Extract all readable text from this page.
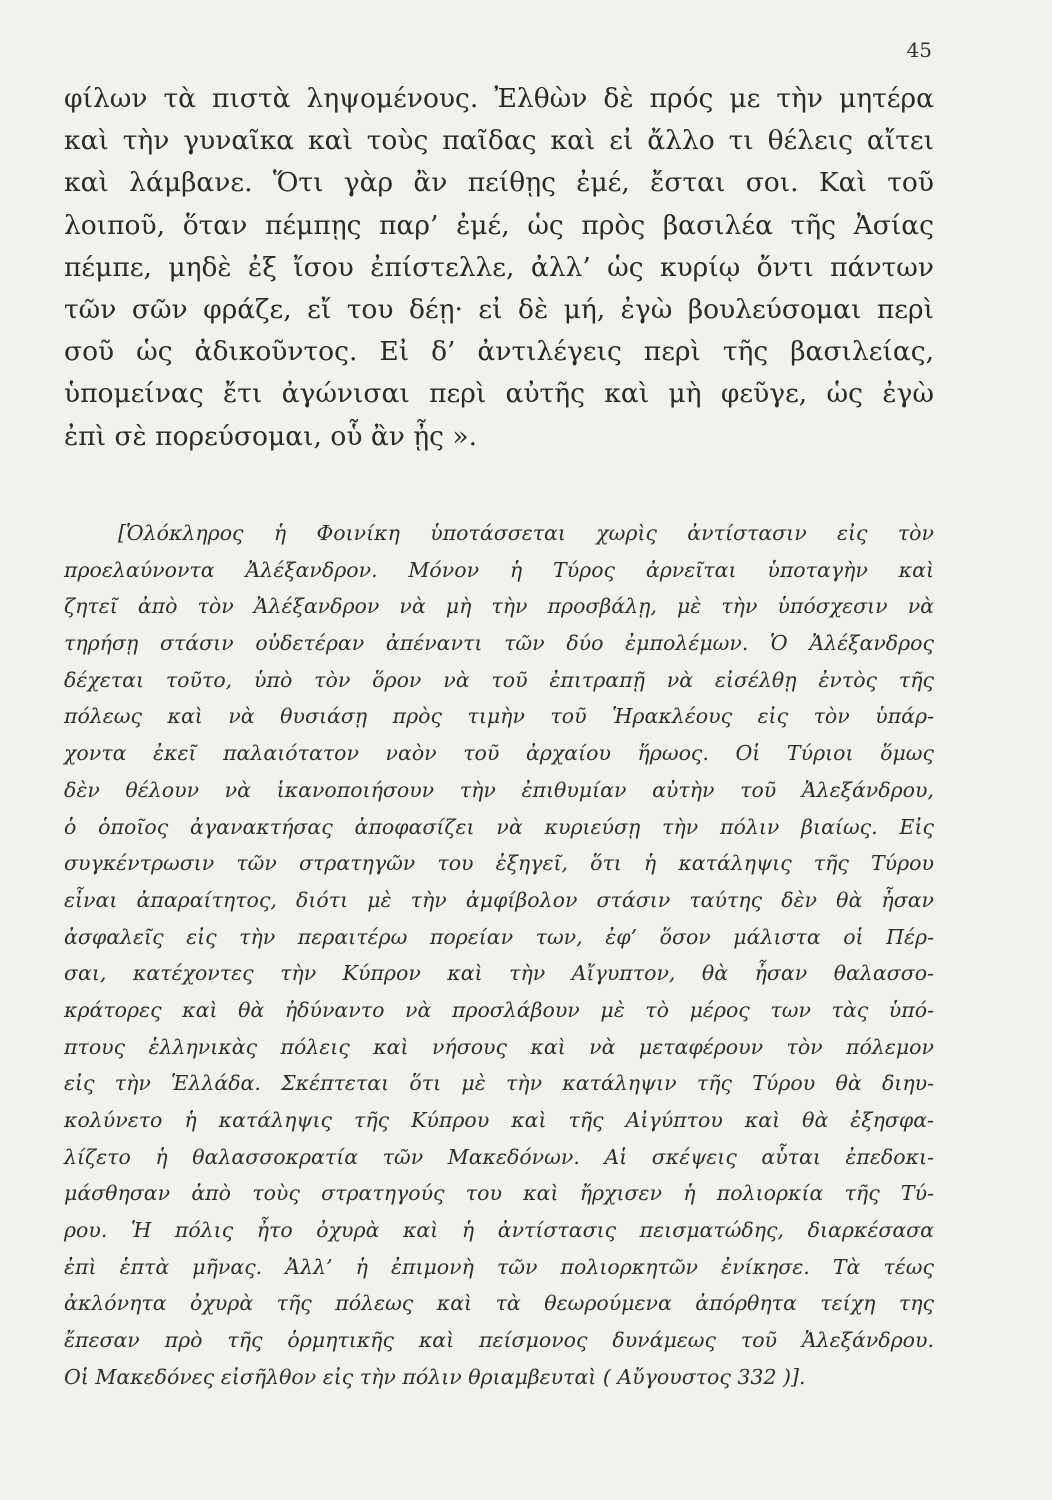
45
φίλων τὰ πιστὰ ληψομένους. Ἐλθὼν δὲ πρός με τὴν μητέρα
καὶ τὴν γυναῖκα καὶ τοὺς παῖδας καὶ εἰ ἄλλο τι θέλεις αἴτει
καὶ λάμβανε. Ὅτι γὰρ ἂν πείθῃς ἐμέ, ἔσται σοι. Καὶ τοῦ
λοιποῦ, ὅταν πέμπῃς παρ’ ἐμέ, ὡς πρὸς βασιλέα τῆς Ἀσίας
πέμπε, μηδὲ ἐξ ἴσου ἐπίστελλε, ἀλλ’ ὡς κυρίῳ ὄντι πάντων
τῶν σῶν φράζε, εἴ του δέῃ· εἰ δὲ μή, ἐγὼ βουλεύσομαι περὶ
σοῦ ὡς ἀδικοῦντος. Εἰ δ’ ἀντιλέγεις περὶ τῆς βασιλείας,
ὑπομείνας ἔτι ἀγώνισαι περὶ αὐτῆς καὶ μὴ φεῦγε, ὡς ἐγὼ
ἐπὶ σὲ πορεύσομαι, οὗ ἂν ᾖς ».
[Ὁλόκληρος ἡ Φοινίκη ὑποτάσσεται χωρὶς ἀντίστασιν εἰς τὸν
προελαύνοντα Ἀλέξανδρον. Μόνον ἡ Τύρος ἀρνεῖται ὑποταγὴν καὶ
ζητεῖ ἀπὸ τὸν Ἀλέξανδρον νὰ μὴ τὴν προσβάλῃ, μὲ τὴν ὑπόσχεσιν νὰ
τηρήσῃ στάσιν οὐδετέραν ἀπέναντι τῶν δύο ἐμπολέμων. Ὁ Ἀλέξανδρος
δέχεται τοῦτο, ὑπὸ τὸν ὅρον νὰ τοῦ ἐπιτραπῇ νὰ εἰσέλθῃ ἐντὸς τῆς
πόλεως καὶ νὰ θυσιάσῃ πρὸς τιμὴν τοῦ Ἡρακλέους εἰς τὸν ὑπάρ-
χοντα ἐκεῖ παλαιότατον ναὸν τοῦ ἀρχαίου ἥρωος. Οἱ Τύριοι ὅμως
δὲν θέλουν νὰ ἱκανοποιήσουν τὴν ἐπιθυμίαν αὐτὴν τοῦ Ἀλεξάνδρου,
ὁ ὁποῖος ἀγανακτήσας ἀποφασίζει νὰ κυριεύσῃ τὴν πόλιν βιαίως. Εἰς
συγκέντρωσιν τῶν στρατηγῶν του ἐξηγεῖ, ὅτι ἡ κατάληψις τῆς Τύρου
εἶναι ἀπαραίτητος, διότι μὲ τὴν ἀμφίβολον στάσιν ταύτης δὲν θὰ ἦσαν
ἀσφαλεῖς εἰς τὴν περαιτέρω πορείαν των, ἐφ’ ὅσον μάλιστα οἱ Πέρ-
σαι, κατέχοντες τὴν Κύπρον καὶ τὴν Αἴγυπτον, θὰ ἦσαν θαλασσο-
κράτορες καὶ θὰ ἠδύναντο νὰ προσλάβουν μὲ τὸ μέρος των τὰς ὑπό-
πτους ἑλληνικὰς πόλεις καὶ νήσους καὶ νὰ μεταφέρουν τὸν πόλεμον
εἰς τὴν Ἑλλάδα. Σκέπτεται ὅτι μὲ τὴν κατάληψιν τῆς Τύρου θὰ διηυ-
κολύνετο ἡ κατάληψις τῆς Κύπρου καὶ τῆς Αἰγύπτου καὶ θὰ ἐξησφα-
λίζετο ἡ θαλασσοκρατία τῶν Μακεδόνων. Αἱ σκέψεις αὗται ἐπεδοκι-
μάσθησαν ἀπὸ τοὺς στρατηγούς του καὶ ἤρχισεν ἡ πολιορκία τῆς Τύ-
ρου. Ἡ πόλις ἦτο ὀχυρὰ καὶ ἡ ἀντίστασις πεισματώδης, διαρκέσασα
ἐπὶ ἑπτὰ μῆνας. Ἀλλ’ ἡ ἐπιμονὴ τῶν πολιορκητῶν ἐνίκησε. Τὰ τέως
ἀκλόνητα ὀχυρὰ τῆς πόλεως καὶ τὰ θεωρούμενα ἀπόρθητα τείχη της
ἔπεσαν πρὸ τῆς ὁρμητικῆς καὶ πείσμονος δυνάμεως τοῦ Ἀλεξάνδρου.
Οἱ Μακεδόνες εἰσῆλθον εἰς τὴν πόλιν θριαμβευταὶ ( Αὔγουστος 332 )].
